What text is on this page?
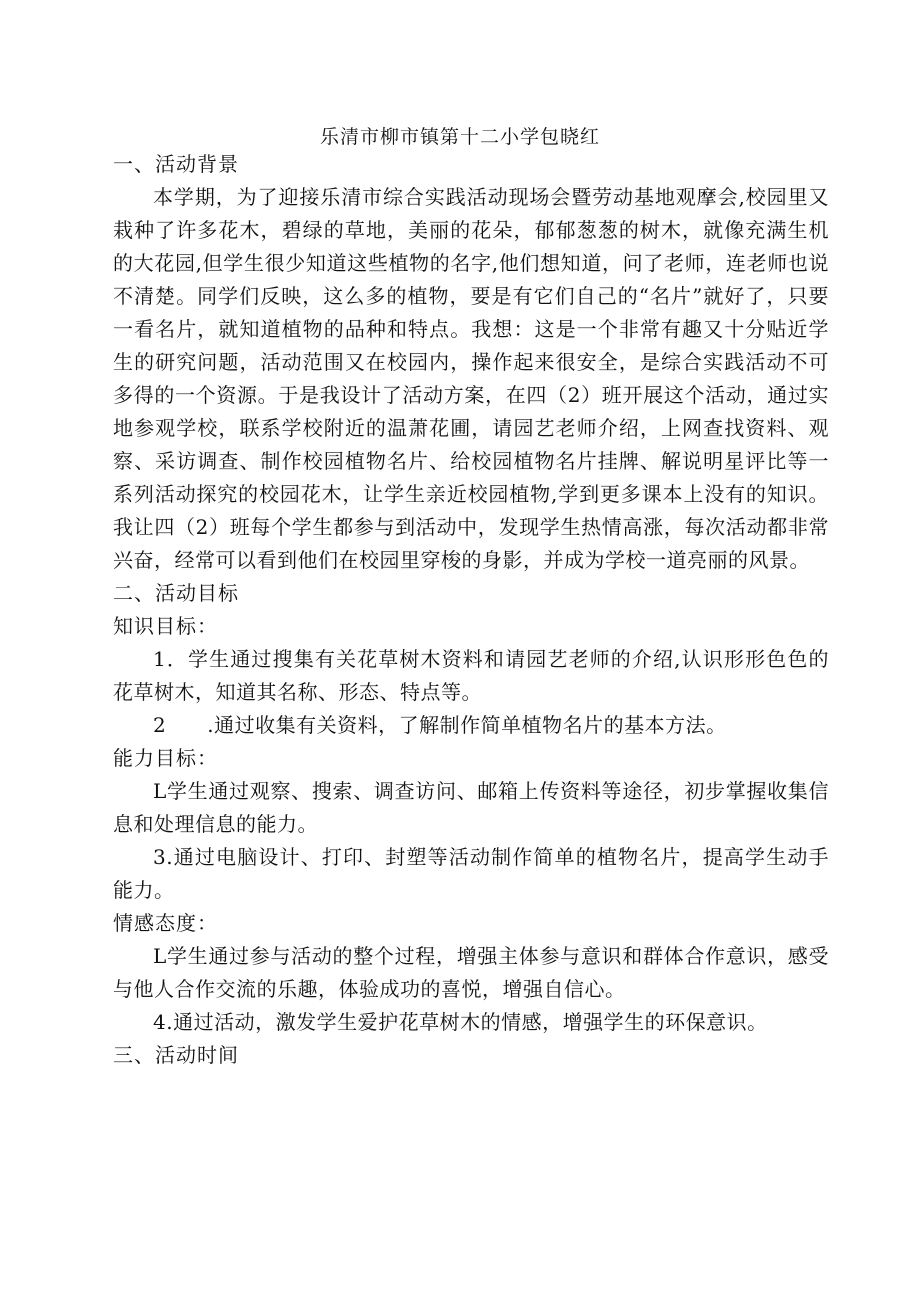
乐清市柳市镇第十二小学包晓红

一、活动背景

本学期，为了迎接乐清市综合实践活动现场会暨劳动基地观摩会,校园里又栽种了许多花木，碧绿的草地，美丽的花朵，郁郁葱葱的树木，就像充满生机的大花园,但学生很少知道这些植物的名字,他们想知道，问了老师，连老师也说不清楚。同学们反映，这么多的植物，要是有它们自己的“名片”就好了，只要一看名片，就知道植物的品种和特点。我想：这是一个非常有趣又十分贴近学生的研究问题，活动范围又在校园内，操作起来很安全，是综合实践活动不可多得的一个资源。于是我设计了活动方案，在四（2）班开展这个活动，通过实地参观学校，联系学校附近的温萧花圃，请园艺老师介绍，上网查找资料、观察、采访调查、制作校园植物名片、给校园植物名片挂牌、解说明星评比等一系列活动探究的校园花木，让学生亲近校园植物,学到更多课本上没有的知识。我让四（2）班每个学生都参与到活动中，发现学生热情高涨，每次活动都非常兴奋，经常可以看到他们在校园里穿梭的身影，并成为学校一道亮丽的风景。

二、活动目标

知识目标：

1．学生通过搜集有关花草树木资料和请园艺老师的介绍,认识形形色色的花草树木，知道其名称、形态、特点等。

2　　.通过收集有关资料，了解制作简单植物名片的基本方法。

能力目标：

L学生通过观察、搜索、调查访问、邮箱上传资料等途径，初步掌握收集信息和处理信息的能力。

3.通过电脑设计、打印、封塑等活动制作简单的植物名片，提高学生动手能力。

情感态度：

L学生通过参与活动的整个过程，增强主体参与意识和群体合作意识，感受与他人合作交流的乐趣，体验成功的喜悦，增强自信心。

4.通过活动，激发学生爱护花草树木的情感，增强学生的环保意识。

三、活动时间
